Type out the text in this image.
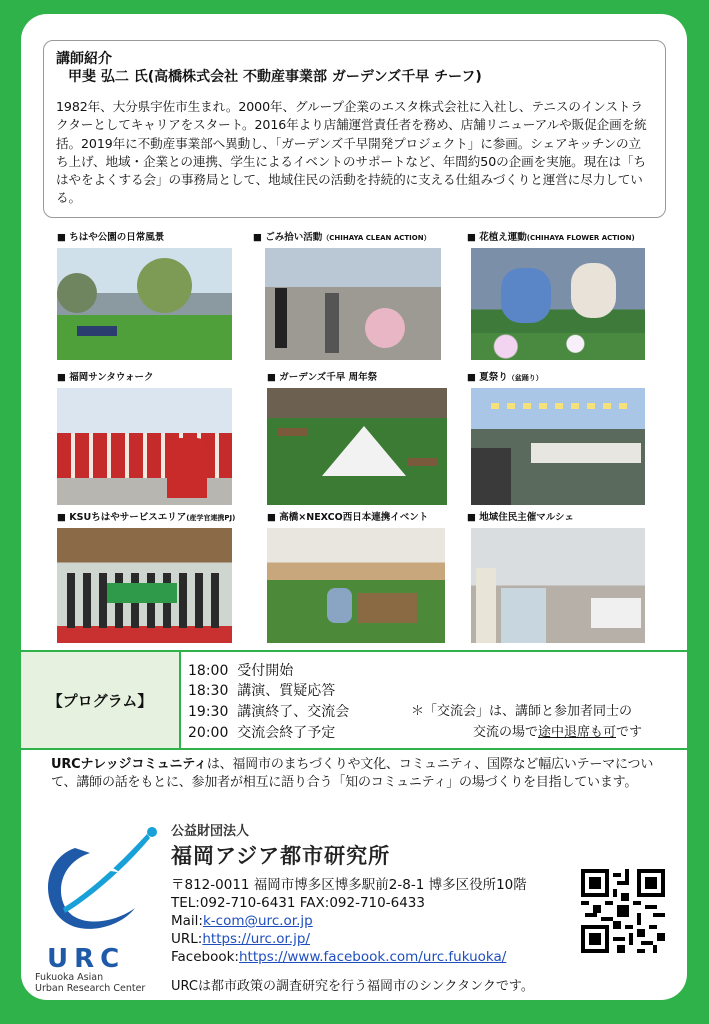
講師紹介
甲斐 弘二 氏(高橋株式会社 不動産事業部 ガーデンズ千早 チーフ)

1982年、大分県宇佐市生まれ。2000年、グループ企業のエスタ株式会社に入社し、テニスのインストラクターとしてキャリアをスタート。2016年より店舗運営責任者を務め、店舗リニューアルや販促企画を統括。2019年に不動産事業部へ異動し、「ガーデンズ千早開発プロジェクト」に参画。シェアキッチンの立ち上げ、地域・企業との連携、学生によるイベントのサポートなど、年間約50の企画を実施。現在は「ちはやをよくする会」の事務局として、地域住民の活動を持続的に支える仕組みづくりと運営に尽力している。

■ ちはや公園の日常風景	■ ごみ拾い活動（CHIHAYA CLEAN ACTION）	■ 花植え運動(CHIHAYA FLOWER ACTION)
■ 福岡サンタウォーク	■ ガーデンズ千早 周年祭	■ 夏祭り（盆踊り）
■ KSUちはやサービスエリア(産学官連携PJ)	■ 高橋×NEXCO西日本連携イベント	■ 地域住民主催マルシェ
【プログラム】
18:00 受付開始
18:30 講演、質疑応答
19:30 講演終了、交流会
20:00 交流会終了予定
＊「交流会」は、講師と参加者同士の
交流の場で途中退席も可です
URCナレッジコミュニティは、福岡市のまちづくりや文化、コミュニティ、国際など幅広いテーマについて、講師の話をもとに、参加者が相互に語り合う「知のコミュニティ」の場づくりを目指しています。
URC
Fukuoka Asian
Urban Research Center
公益財団法人
福岡アジア都市研究所
〒812-0011 福岡市博多区博多駅前2-8-1 博多区役所10階
TEL:092-710-6431 FAX:092-710-6433
Mail:k-com@urc.or.jp
URL:https://urc.or.jp/
Facebook:https://www.facebook.com/urc.fukuoka/
URCは都市政策の調査研究を行う福岡市のシンクタンクです。
